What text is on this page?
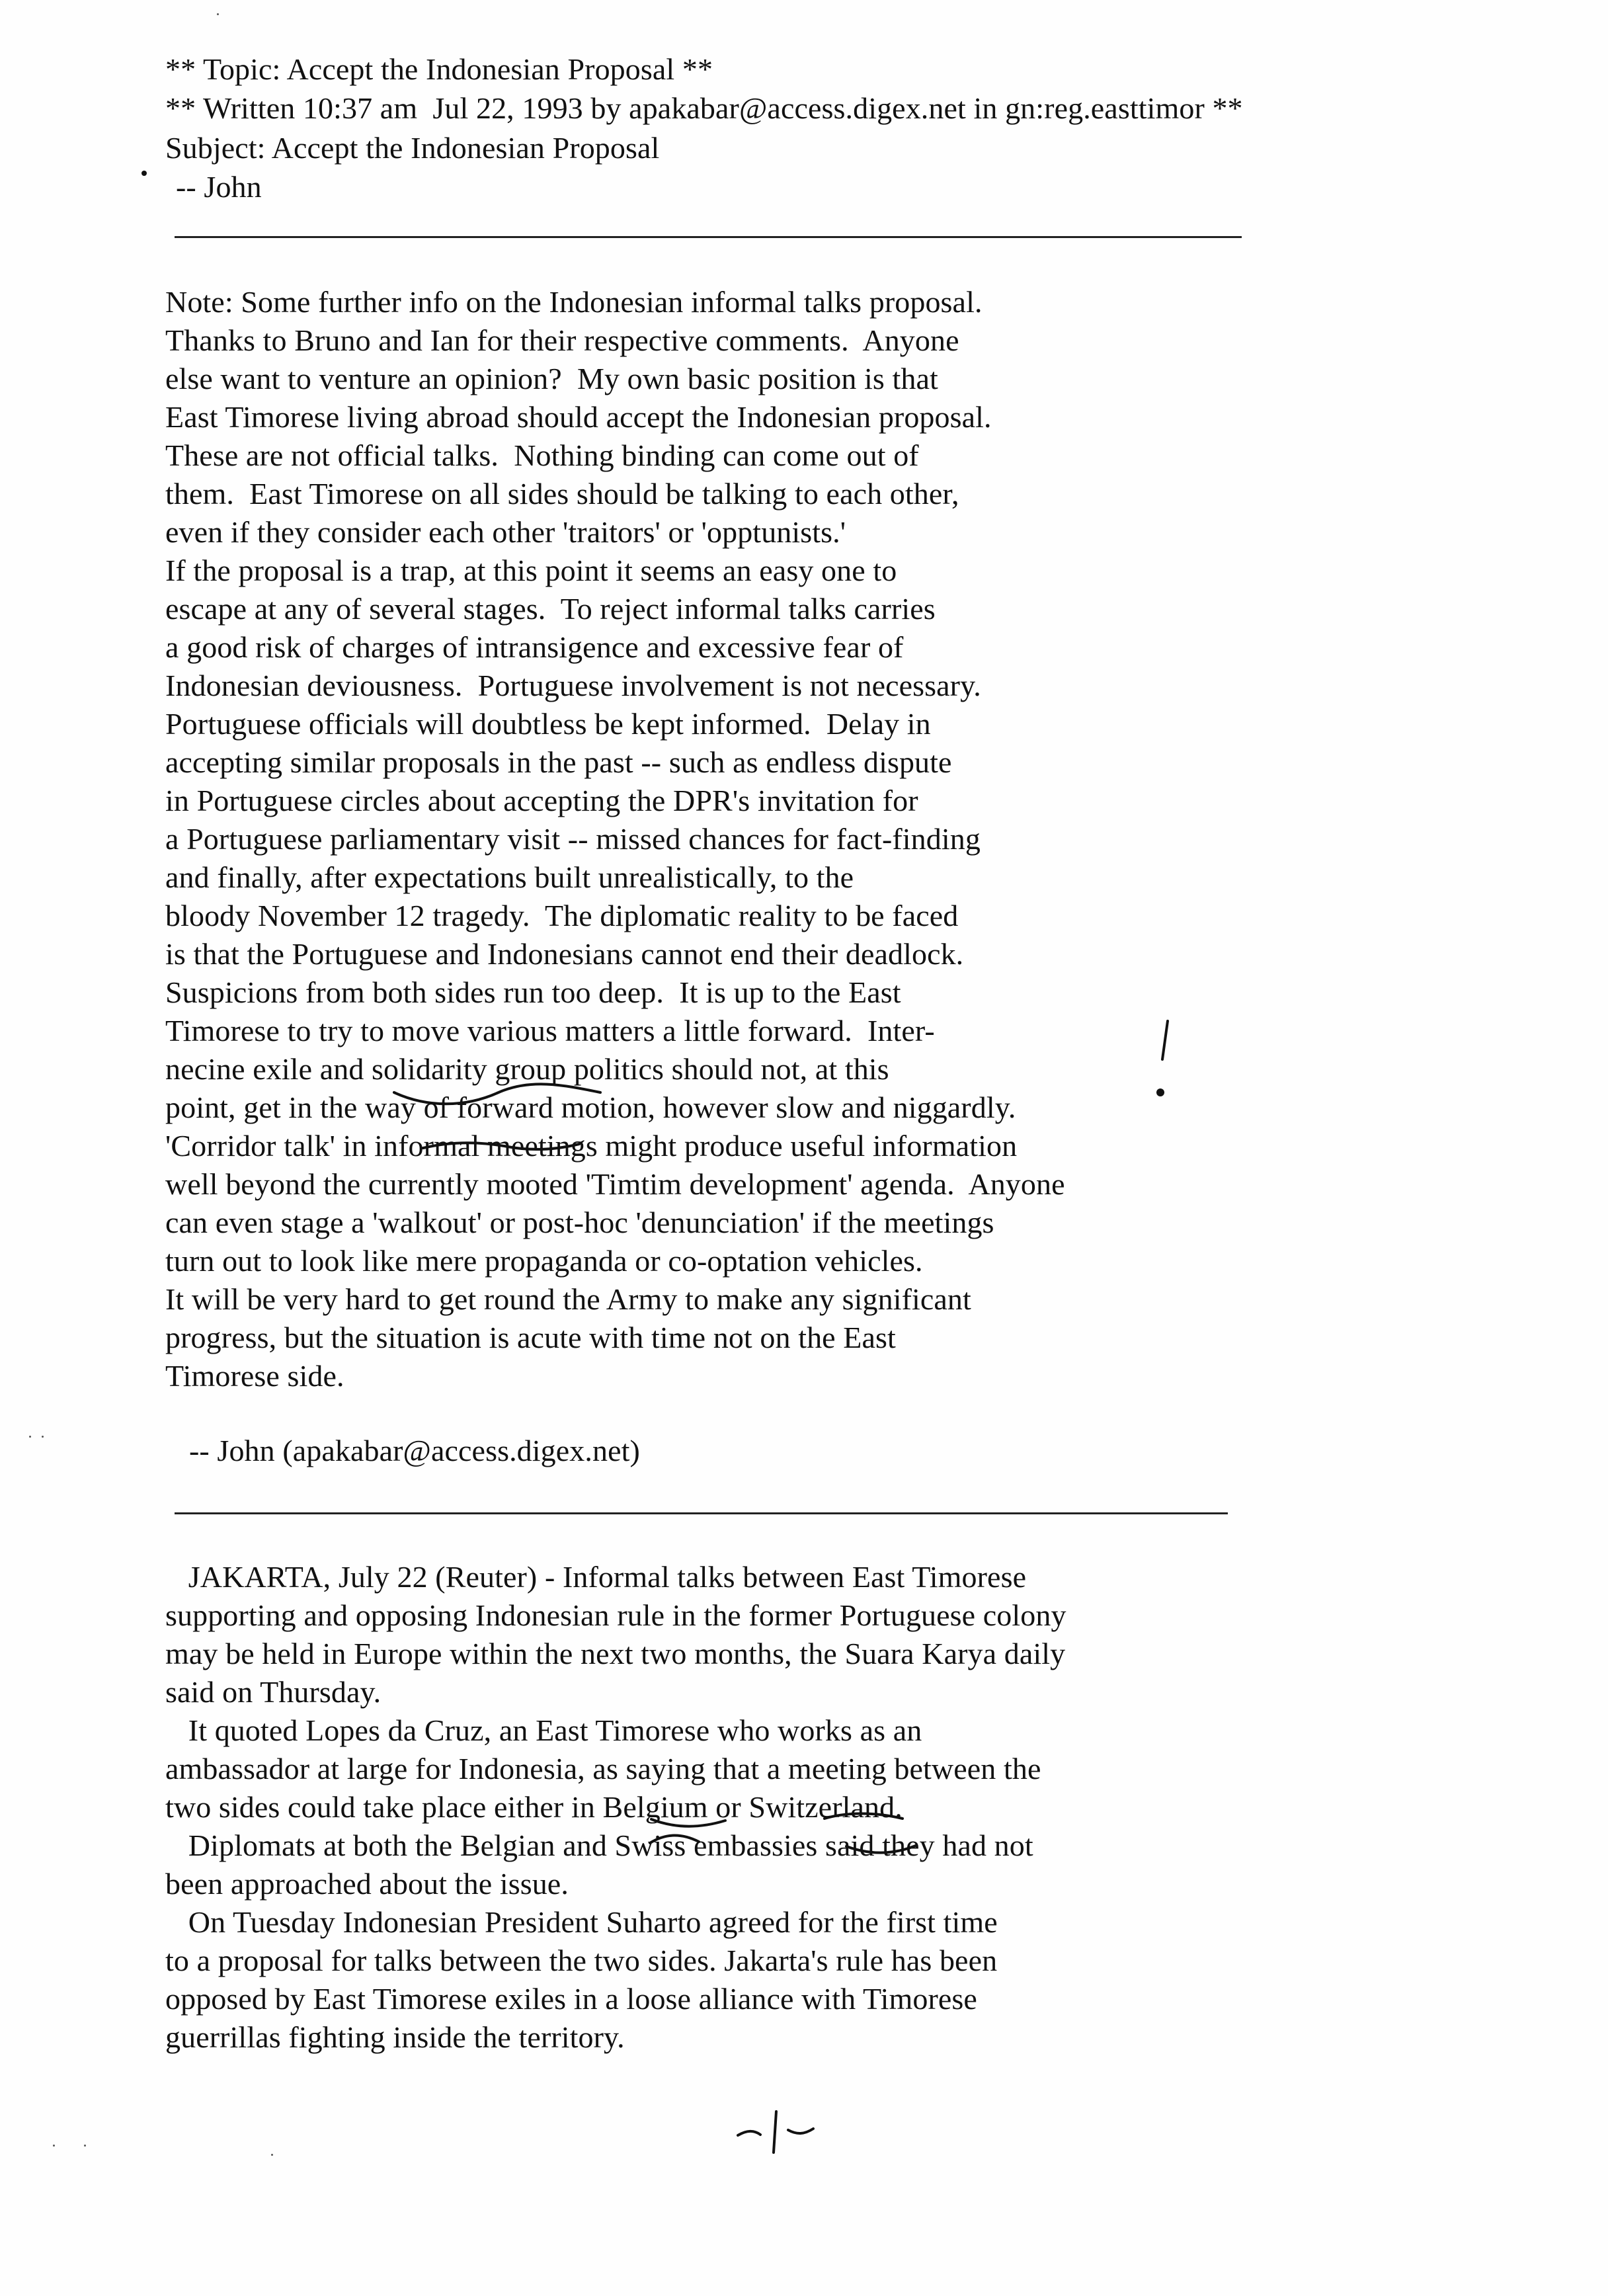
** Topic: Accept the Indonesian Proposal **
** Written 10:37 am  Jul 22, 1993 by apakabar@access.digex.net in gn:reg.easttimor **
Subject: Accept the Indonesian Proposal
-- John
Note: Some further info on the Indonesian informal talks proposal.
Thanks to Bruno and Ian for their respective comments.  Anyone
else want to venture an opinion?  My own basic position is that
East Timorese living abroad should accept the Indonesian proposal.
These are not official talks.  Nothing binding can come out of
them.  East Timorese on all sides should be talking to each other,
even if they consider each other 'traitors' or 'opptunists.'
If the proposal is a trap, at this point it seems an easy one to
escape at any of several stages.  To reject informal talks carries
a good risk of charges of intransigence and excessive fear of
Indonesian deviousness.  Portuguese involvement is not necessary.
Portuguese officials will doubtless be kept informed.  Delay in
accepting similar proposals in the past -- such as endless dispute
in Portuguese circles about accepting the DPR's invitation for
a Portuguese parliamentary visit -- missed chances for fact-finding
and finally, after expectations built unrealistically, to the
bloody November 12 tragedy.  The diplomatic reality to be faced
is that the Portuguese and Indonesians cannot end their deadlock.
Suspicions from both sides run too deep.  It is up to the East
Timorese to try to move various matters a little forward.  Inter-
necine exile and solidarity group politics should not, at this
point, get in the way of forward motion, however slow and niggardly.
'Corridor talk' in informal meetings might produce useful information
well beyond the currently mooted 'Timtim development' agenda.  Anyone
can even stage a 'walkout' or post-hoc 'denunciation' if the meetings
turn out to look like mere propaganda or co-optation vehicles.
It will be very hard to get round the Army to make any significant
progress, but the situation is acute with time not on the East
Timorese side.
-- John (apakabar@access.digex.net)
JAKARTA, July 22 (Reuter) - Informal talks between East Timorese
supporting and opposing Indonesian rule in the former Portuguese colony
may be held in Europe within the next two months, the Suara Karya daily
said on Thursday.
It quoted Lopes da Cruz, an East Timorese who works as an
ambassador at large for Indonesia, as saying that a meeting between the
two sides could take place either in Belgium or Switzerland.
Diplomats at both the Belgian and Swiss embassies said they had not
been approached about the issue.
On Tuesday Indonesian President Suharto agreed for the first time
to a proposal for talks between the two sides. Jakarta's rule has been
opposed by East Timorese exiles in a loose alliance with Timorese
guerrillas fighting inside the territory.
